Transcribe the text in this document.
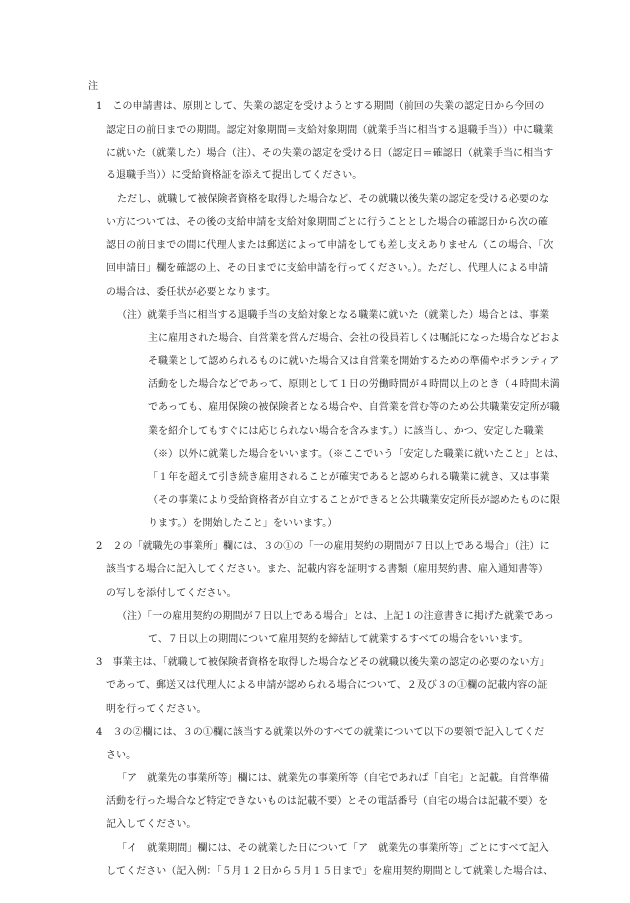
注
1　この申請書は、原則として、失業の認定を受けようとする期間（前回の失業の認定日から今回の
認定日の前日までの期間。認定対象期間＝支給対象期間（就業手当に相当する退職手当））中に職業
に就いた（就業した）場合（注）、その失業の認定を受ける日（認定日＝確認日（就業手当に相当す
る退職手当））に受給資格証を添えて提出してください。
ただし、就職して被保険者資格を取得した場合など、その就職以後失業の認定を受ける必要のな
い方については、その後の支給申請を支給対象期間ごとに行うこととした場合の確認日から次の確
認日の前日までの間に代理人または郵送によって申請をしても差し支えありません（この場合、「次
回申請日」欄を確認の上、その日までに支給申請を行ってください。）。ただし、代理人による申請
の場合は、委任状が必要となります。
（注）就業手当に相当する退職手当の支給対象となる職業に就いた（就業した）場合とは、事業
主に雇用された場合、自営業を営んだ場合、会社の役員若しくは嘱託になった場合などおよ
そ職業として認められるものに就いた場合又は自営業を開始するための準備やボランティア
活動をした場合などであって、原則として１日の労働時間が４時間以上のとき（４時間未満
であっても、雇用保険の被保険者となる場合や、自営業を営む等のため公共職業安定所が職
業を紹介してもすぐには応じられない場合を含みます。）に該当し、かつ、安定した職業
（※）以外に就業した場合をいいます。（※ここでいう「安定した職業に就いたこと」とは、
「１年を超えて引き続き雇用されることが確実であると認められる職業に就き、又は事業
（その事業により受給資格者が自立することができると公共職業安定所長が認めたものに限
ります。）を開始したこと」をいいます。）
2　２の「就職先の事業所」欄には、３の①の「一の雇用契約の期間が７日以上である場合」（注）に
該当する場合に記入してください。また、記載内容を証明する書類（雇用契約書、雇入通知書等）
の写しを添付してください。
（注）「一の雇用契約の期間が７日以上である場合」とは、上記１の注意書きに掲げた就業であっ
て、７日以上の期間について雇用契約を締結して就業するすべての場合をいいます。
3　事業主は、「就職して被保険者資格を取得した場合などその就職以後失業の認定の必要のない方」
であって、郵送又は代理人による申請が認められる場合について、２及び３の①欄の記載内容の証
明を行ってください。
4　３の②欄には、３の①欄に該当する就業以外のすべての就業について以下の要領で記入してくだ
さい。
「ア　就業先の事業所等」欄には、就業先の事業所等（自宅であれば「自宅」と記載。自営準備
活動を行った場合など特定できないものは記載不要）とその電話番号（自宅の場合は記載不要）を
記入してください。
「イ　就業期間」欄には、その就業した日について「ア　就業先の事業所等」ごとにすべて記入
してください（記入例：「５月１２日から５月１５日まで」を雇用契約期間として就業した場合は、
